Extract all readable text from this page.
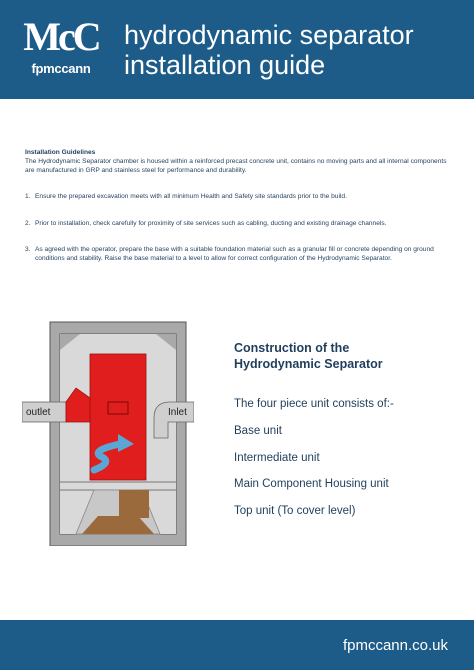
McC
fpmccann
hydrodynamic separator
installation guide
Installation Guidelines
The Hydrodynamic Separator chamber is housed within a reinforced precast concrete unit, contains no moving parts and all internal components are manufactured in GRP and stainless steel for performance and durability.
1. Ensure the prepared excavation meets with all minimum Health and Safety site standards prior to the build.
2. Prior to installation, check carefully for proximity of site services such as cabling, ducting and existing drainage channels.
3. As agreed with the operator, prepare the base with a suitable foundation material such as a granular fill or concrete depending on ground conditions and stability. Raise the base material to a level to allow for correct configuration of the Hydrodynamic Separator.
outlet	Inlet
Construction of the
Hydrodynamic Separator
The four piece unit consists of:-
Base unit
Intermediate unit
Main Component Housing unit
Top unit (To cover level)
fpmccann.co.uk
